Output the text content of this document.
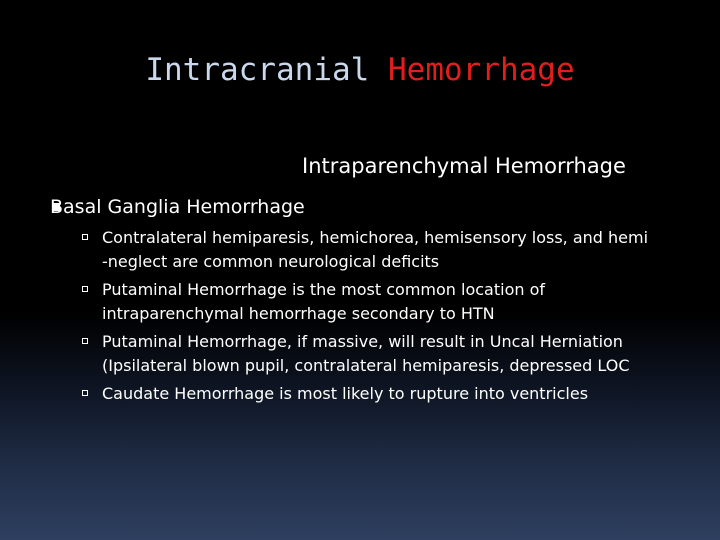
Intracranial Hemorrhage
Intraparenchymal Hemorrhage
Basal Ganglia Hemorrhage
Contralateral hemiparesis, hemichorea, hemisensory loss, and hemi
-neglect are common neurological deficits
Putaminal Hemorrhage is the most common location of
intraparenchymal hemorrhage secondary to HTN
Putaminal Hemorrhage, if massive, will result in Uncal Herniation
(Ipsilateral blown pupil, contralateral hemiparesis, depressed LOC
Caudate Hemorrhage is most likely to rupture into ventricles
